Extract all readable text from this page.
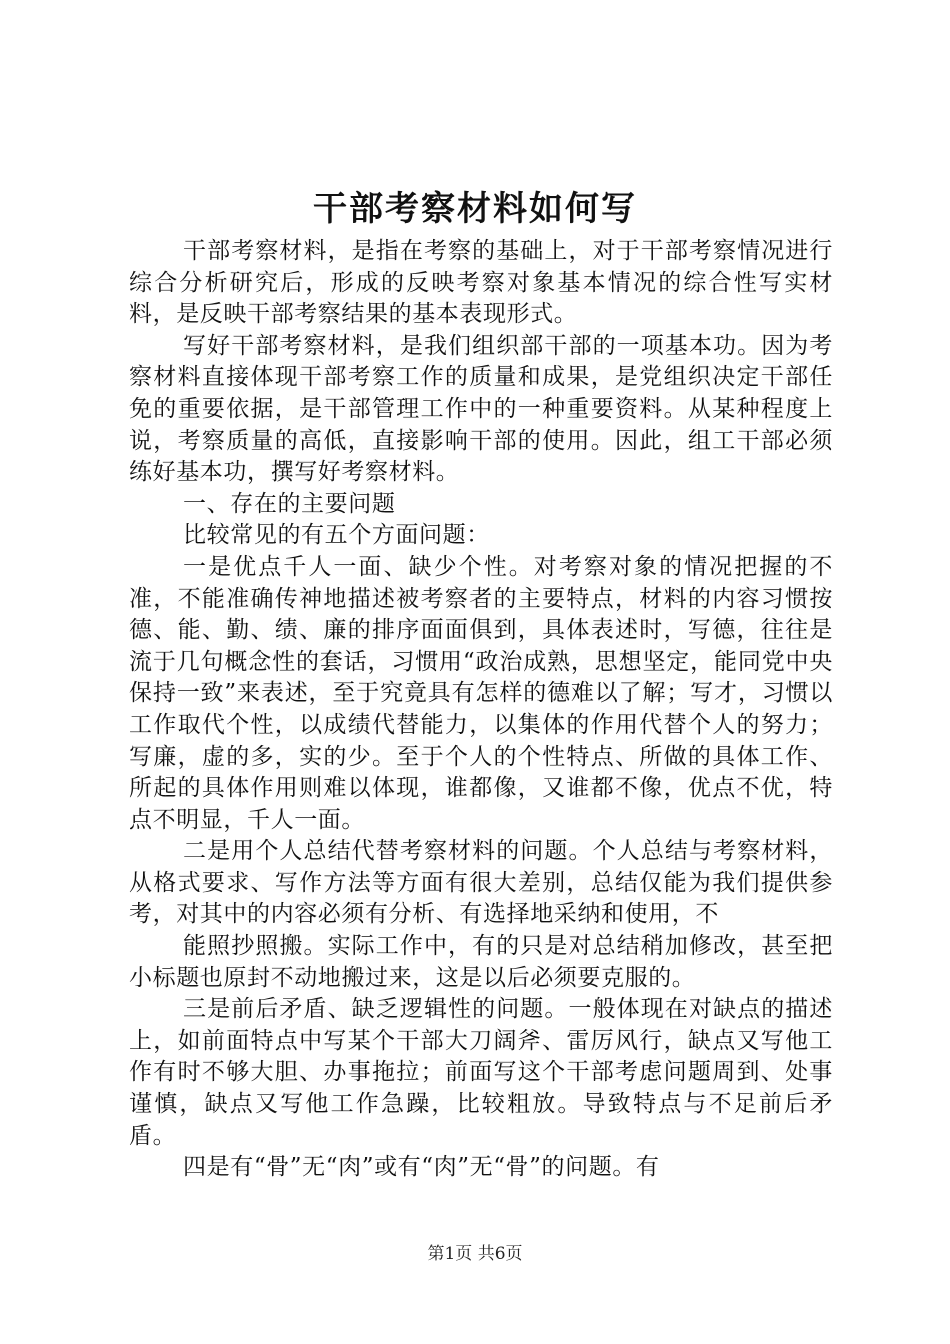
干部考察材料如何写

干部考察材料，是指在考察的基础上，对于干部考察情况进行综合分析研究后，形成的反映考察对象基本情况的综合性写实材料，是反映干部考察结果的基本表现形式。

写好干部考察材料，是我们组织部干部的一项基本功。因为考察材料直接体现干部考察工作的质量和成果，是党组织决定干部任免的重要依据，是干部管理工作中的一种重要资料。从某种程度上说，考察质量的高低，直接影响干部的使用。因此，组工干部必须练好基本功，撰写好考察材料。

一、存在的主要问题

比较常见的有五个方面问题：

一是优点千人一面、缺少个性。对考察对象的情况把握的不准，不能准确传神地描述被考察者的主要特点，材料的内容习惯按德、能、勤、绩、廉的排序面面俱到，具体表述时，写德，往往是流于几句概念性的套话，习惯用“政治成熟，思想坚定，能同党中央保持一致”来表述，至于究竟具有怎样的德难以了解；写才，习惯以工作取代个性，以成绩代替能力，以集体的作用代替个人的努力；写廉，虚的多，实的少。至于个人的个性特点、所做的具体工作、所起的具体作用则难以体现，谁都像，又谁都不像，优点不优，特点不明显，千人一面。

二是用个人总结代替考察材料的问题。个人总结与考察材料，从格式要求、写作方法等方面有很大差别，总结仅能为我们提供参考，对其中的内容必须有分析、有选择地采纳和使用，不

能照抄照搬。实际工作中，有的只是对总结稍加修改，甚至把小标题也原封不动地搬过来，这是以后必须要克服的。

三是前后矛盾、缺乏逻辑性的问题。一般体现在对缺点的描述上，如前面特点中写某个干部大刀阔斧、雷厉风行，缺点又写他工作有时不够大胆、办事拖拉；前面写这个干部考虑问题周到、处事谨慎，缺点又写他工作急躁，比较粗放。导致特点与不足前后矛盾。

四是有“骨”无“肉”或有“肉”无“骨”的问题。有

第1页 共6页
